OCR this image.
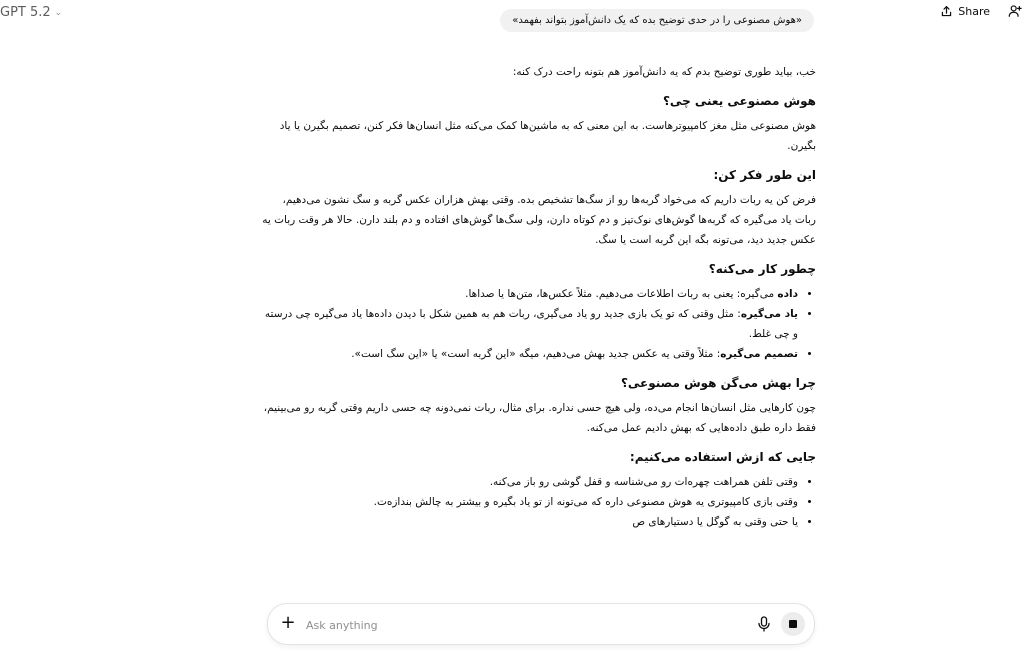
GPT 5.2 ⌄	Share
«هوش مصنوعی را در حدی توضیح بده که یک دانش‌آموز بتواند بفهمد»

خب، بیاید طوری توضیح بدم که یه دانش‌آموز هم بتونه راحت درک کنه:

هوش مصنوعی یعنی چی؟

هوش مصنوعی مثل مغز کامپیوترهاست. به این معنی که به ماشین‌ها کمک می‌کنه مثل انسان‌ها فکر کنن، تصمیم بگیرن یا یاد بگیرن.

این طور فکر کن:

فرض کن یه ربات داریم که می‌خواد گربه‌ها رو از سگ‌ها تشخیص بده. وقتی بهش هزاران عکس گربه و سگ نشون می‌دهیم، ربات یاد می‌گیره که گربه‌ها گوش‌های نوک‌تیز و دم کوتاه دارن، ولی سگ‌ها گوش‌های افتاده و دم بلند دارن. حالا هر وقت ربات یه عکس جدید دید، می‌تونه بگه این گربه است یا سگ.

چطور کار می‌کنه؟
• داده می‌گیره: یعنی به ربات اطلاعات می‌دهیم. مثلاً عکس‌ها، متن‌ها یا صداها.
• یاد می‌گیره: مثل وقتی که تو یک بازی جدید رو یاد می‌گیری، ربات هم به همین شکل با دیدن داده‌ها یاد می‌گیره چی درسته و چی غلط.
• تصمیم می‌گیره: مثلاً وقتی یه عکس جدید بهش می‌دهیم، میگه «این گربه است» یا «این سگ است».
چرا بهش می‌گن هوش مصنوعی؟

چون کارهایی مثل انسان‌ها انجام می‌ده، ولی هیچ حسی نداره. برای مثال، ربات نمی‌دونه چه حسی داریم وقتی گربه رو می‌بینیم، فقط داره طبق داده‌هایی که بهش دادیم عمل می‌کنه.

جایی که ازش استفاده می‌کنیم:
• وقتی تلفن همراهت چهره‌ات رو می‌شناسه و قفل گوشی رو باز می‌کنه.
• وقتی بازی کامپیوتری یه هوش مصنوعی داره که می‌تونه از تو یاد بگیره و بیشتر به چالش بندازه‌ت.
• یا حتی وقتی به گوگل یا دستیارهای ص
+
Ask anything
